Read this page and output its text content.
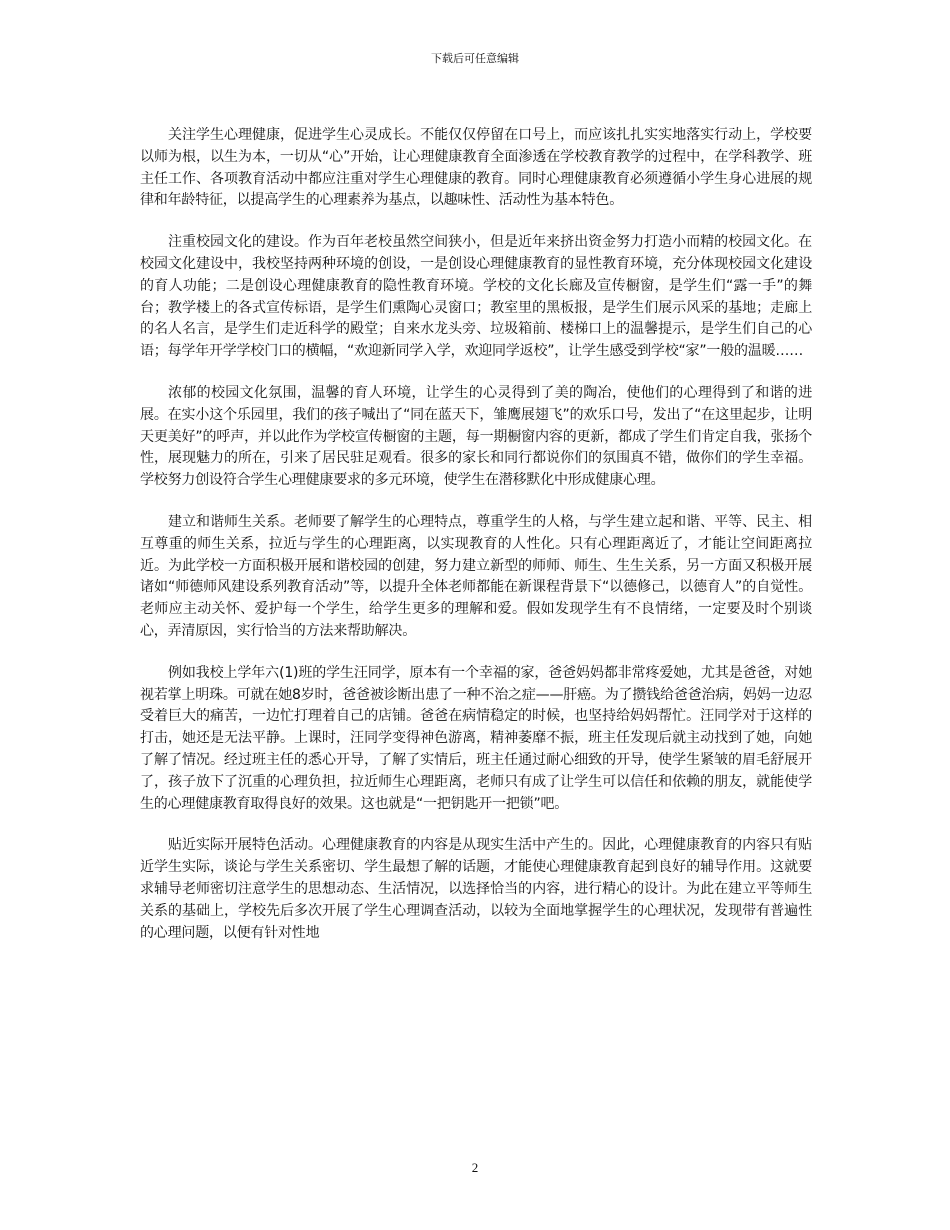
下载后可任意编辑

关注学生心理健康，促进学生心灵成长。不能仅仅停留在口号上，而应该扎扎实实地落实行动上，学校要以师为根，以生为本，一切从“心”开始，让心理健康教育全面渗透在学校教育教学的过程中，在学科教学、班主任工作、各项教育活动中都应注重对学生心理健康的教育。同时心理健康教育必须遵循小学生身心进展的规律和年龄特征，以提高学生的心理素养为基点，以趣味性、活动性为基本特色。

注重校园文化的建设。作为百年老校虽然空间狭小，但是近年来挤出资金努力打造小而精的校园文化。在校园文化建设中，我校坚持两种环境的创设，一是创设心理健康教育的显性教育环境，充分体现校园文化建设的育人功能；二是创设心理健康教育的隐性教育环境。学校的文化长廊及宣传橱窗，是学生们“露一手”的舞台；教学楼上的各式宣传标语，是学生们熏陶心灵窗口；教室里的黑板报，是学生们展示风采的基地；走廊上的名人名言，是学生们走近科学的殿堂；自来水龙头旁、垃圾箱前、楼梯口上的温馨提示，是学生们自己的心语；每学年开学学校门口的横幅，“欢迎新同学入学，欢迎同学返校”，让学生感受到学校“家”一般的温暖……

浓郁的校园文化氛围，温馨的育人环境，让学生的心灵得到了美的陶冶，使他们的心理得到了和谐的进展。在实小这个乐园里，我们的孩子喊出了“同在蓝天下，雏鹰展翅飞”的欢乐口号，发出了“在这里起步，让明天更美好”的呼声，并以此作为学校宣传橱窗的主题，每一期橱窗内容的更新，都成了学生们肯定自我，张扬个性，展现魅力的所在，引来了居民驻足观看。很多的家长和同行都说你们的氛围真不错，做你们的学生幸福。学校努力创设符合学生心理健康要求的多元环境，使学生在潜移默化中形成健康心理。

建立和谐师生关系。老师要了解学生的心理特点，尊重学生的人格，与学生建立起和谐、平等、民主、相互尊重的师生关系，拉近与学生的心理距离，以实现教育的人性化。只有心理距离近了，才能让空间距离拉近。为此学校一方面积极开展和谐校园的创建，努力建立新型的师师、师生、生生关系，另一方面又积极开展诸如“师德师风建设系列教育活动”等，以提升全体老师都能在新课程背景下“以德修己，以德育人”的自觉性。老师应主动关怀、爱护每一个学生，给学生更多的理解和爱。假如发现学生有不良情绪，一定要及时个别谈心，弄清原因，实行恰当的方法来帮助解决。

例如我校上学年六(1)班的学生汪同学，原本有一个幸福的家，爸爸妈妈都非常疼爱她，尤其是爸爸，对她视若掌上明珠。可就在她8岁时，爸爸被诊断出患了一种不治之症——肝癌。为了攒钱给爸爸治病，妈妈一边忍受着巨大的痛苦，一边忙打理着自己的店铺。爸爸在病情稳定的时候，也坚持给妈妈帮忙。汪同学对于这样的打击，她还是无法平静。上课时，汪同学变得神色游离，精神萎靡不振，班主任发现后就主动找到了她，向她了解了情况。经过班主任的悉心开导，了解了实情后，班主任通过耐心细致的开导，使学生紧皱的眉毛舒展开了，孩子放下了沉重的心理负担，拉近师生心理距离，老师只有成了让学生可以信任和依赖的朋友，就能使学生的心理健康教育取得良好的效果。这也就是“一把钥匙开一把锁”吧。

贴近实际开展特色活动。心理健康教育的内容是从现实生活中产生的。因此，心理健康教育的内容只有贴近学生实际，谈论与学生关系密切、学生最想了解的话题，才能使心理健康教育起到良好的辅导作用。这就要求辅导老师密切注意学生的思想动态、生活情况，以选择恰当的内容，进行精心的设计。为此在建立平等师生关系的基础上，学校先后多次开展了学生心理调查活动，以较为全面地掌握学生的心理状况，发现带有普遍性的心理问题，以便有针对性地

2
